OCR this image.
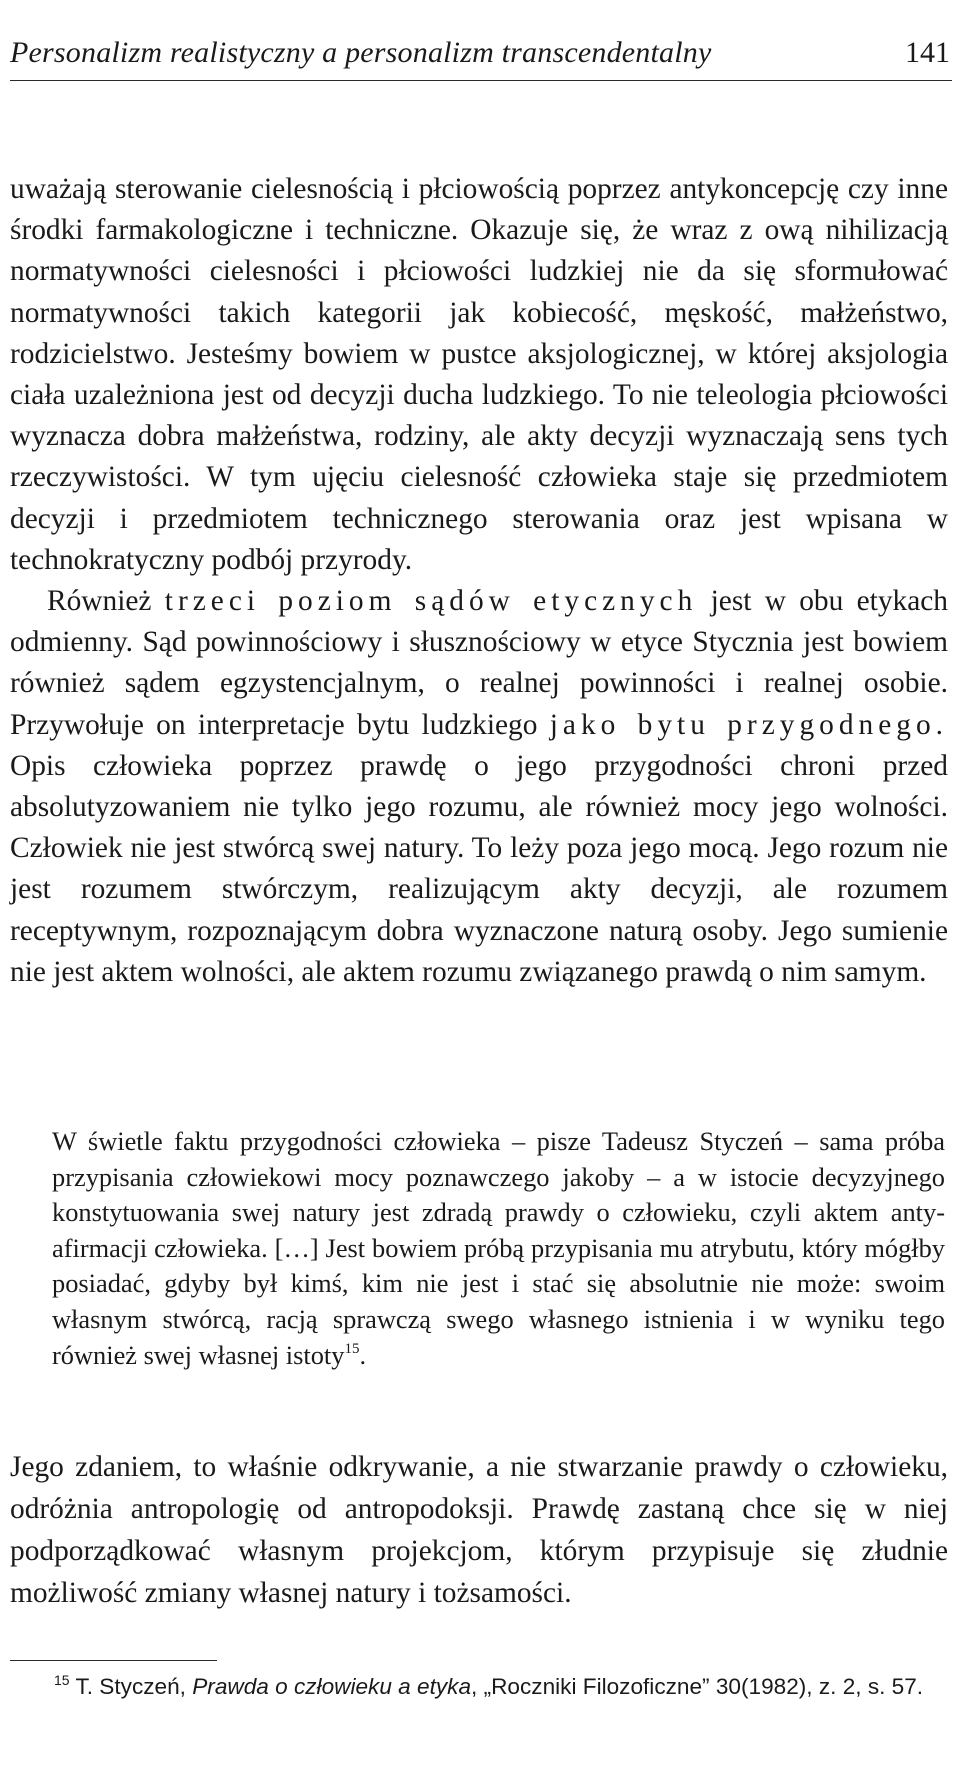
Personalizm realistyczny a personalizm transcendentalny	141

uważają sterowanie cielesnością i płciowością poprzez antykoncepcję czy inne środki farmakologiczne i techniczne. Okazuje się, że wraz z ową nihilizacją normatywności cielesności i płciowości ludzkiej nie da się sformułować normatywności takich kategorii jak kobiecość, męskość, małżeństwo, rodzicielstwo. Jesteśmy bowiem w pustce aksjologicznej, w której aksjologia ciała uzależniona jest od decyzji ducha ludzkiego. To nie teleologia płciowości wyznacza dobra małżeństwa, rodziny, ale akty decyzji wyznaczają sens tych rzeczywistości. W tym ujęciu cielesność człowieka staje się przedmiotem decyzji i przedmiotem technicznego sterowania oraz jest wpisana w technokratyczny podbój przyrody.

Również trzeci poziom sądów etycznych jest w obu etykach odmienny. Sąd powinnościowy i słusznościowy w etyce Stycznia jest bowiem również sądem egzystencjalnym, o realnej powinności i realnej osobie. Przywołuje on interpretacje bytu ludzkiego jako bytu przygodnego. Opis człowieka poprzez prawdę o jego przygodności chroni przed absolutyzowaniem nie tylko jego rozumu, ale również mocy jego wolności. Człowiek nie jest stwórcą swej natury. To leży poza jego mocą. Jego rozum nie jest rozumem stwórczym, realizującym akty decyzji, ale rozumem receptywnym, rozpoznającym dobra wyznaczone naturą osoby. Jego sumienie nie jest aktem wolności, ale aktem rozumu związanego prawdą o nim samym.

W świetle faktu przygodności człowieka – pisze Tadeusz Styczeń – sama próba przypisania człowiekowi mocy poznawczego jakoby – a w istocie decyzyjnego konstytuowania swej natury jest zdradą prawdy o człowieku, czyli aktem anty-afirmacji człowieka. […] Jest bowiem próbą przypisania mu atrybutu, który mógłby posiadać, gdyby był kimś, kim nie jest i stać się absolutnie nie może: swoim własnym stwórcą, racją sprawczą swego własnego istnienia i w wyniku tego również swej własnej istoty$^{15}$.

Jego zdaniem, to właśnie odkrywanie, a nie stwarzanie prawdy o człowieku, odróżnia antropologię od antropodoksji. Prawdę zastaną chce się w niej podporządkować własnym projekcjom, którym przypisuje się złudnie możliwość zmiany własnej natury i tożsamości.

$^{15}$ T. Styczeń, Prawda o człowieku a etyka, „Roczniki Filozoficzne” 30(1982), z. 2, s. 57.
